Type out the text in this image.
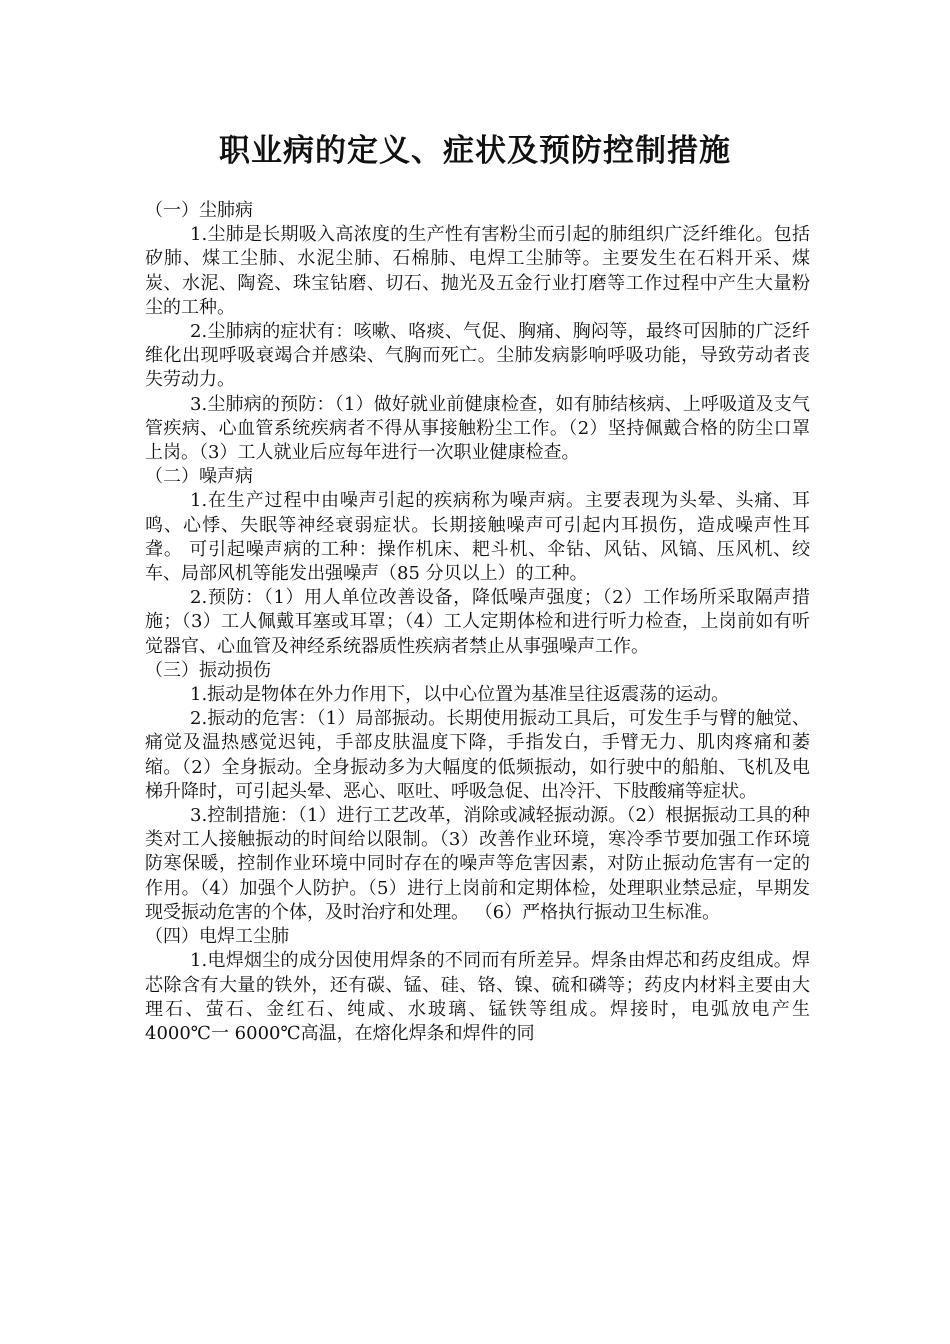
职业病的定义、症状及预防控制措施

（一）尘肺病

1.尘肺是长期吸入高浓度的生产性有害粉尘而引起的肺组织广泛纤维化。包括矽肺、煤工尘肺、水泥尘肺、石棉肺、电焊工尘肺等。主要发生在石料开采、煤炭、水泥、陶瓷、珠宝钻磨、切石、抛光及五金行业打磨等工作过程中产生大量粉尘的工种。

2.尘肺病的症状有：咳嗽、咯痰、气促、胸痛、胸闷等，最终可因肺的广泛纤维化出现呼吸衰竭合并感染、气胸而死亡。尘肺发病影响呼吸功能，导致劳动者丧失劳动力。

3.尘肺病的预防：（1）做好就业前健康检查，如有肺结核病、上呼吸道及支气管疾病、心血管系统疾病者不得从事接触粉尘工作。（2）坚持佩戴合格的防尘口罩上岗。（3）工人就业后应每年进行一次职业健康检查。

（二）噪声病

1.在生产过程中由噪声引起的疾病称为噪声病。主要表现为头晕、头痛、耳鸣、心悸、失眠等神经衰弱症状。长期接触噪声可引起内耳损伤，造成噪声性耳聋。 可引起噪声病的工种：操作机床、耙斗机、伞钻、风钻、风镐、压风机、绞车、局部风机等能发出强噪声（85 分贝以上）的工种。

2.预防：（1）用人单位改善设备，降低噪声强度；（2）工作场所采取隔声措施；（3）工人佩戴耳塞或耳罩；（4）工人定期体检和进行听力检查，上岗前如有听觉器官、心血管及神经系统器质性疾病者禁止从事强噪声工作。

（三）振动损伤

1.振动是物体在外力作用下，以中心位置为基准呈往返震荡的运动。

2.振动的危害：（1）局部振动。长期使用振动工具后，可发生手与臂的触觉、痛觉及温热感觉迟钝，手部皮肤温度下降，手指发白，手臂无力、肌肉疼痛和萎缩。（2）全身振动。全身振动多为大幅度的低频振动，如行驶中的船舶、飞机及电梯升降时，可引起头晕、恶心、呕吐、呼吸急促、出冷汗、下肢酸痛等症状。

3.控制措施：（1）进行工艺改革，消除或减轻振动源。（2）根据振动工具的种类对工人接触振动的时间给以限制。（3）改善作业环境，寒冷季节要加强工作环境防寒保暖，控制作业环境中同时存在的噪声等危害因素，对防止振动危害有一定的作用。（4）加强个人防护。（5）进行上岗前和定期体检，处理职业禁忌症，早期发现受振动危害的个体，及时治疗和处理。 （6）严格执行振动卫生标准。

（四）电焊工尘肺

1.电焊烟尘的成分因使用焊条的不同而有所差异。焊条由焊芯和药皮组成。焊芯除含有大量的铁外，还有碳、锰、硅、铬、镍、硫和磷等；药皮内材料主要由大理石、萤石、金红石、纯咸、水玻璃、锰铁等组成。焊接时，电弧放电产生 4000℃一 6000℃高温，在熔化焊条和焊件的同
